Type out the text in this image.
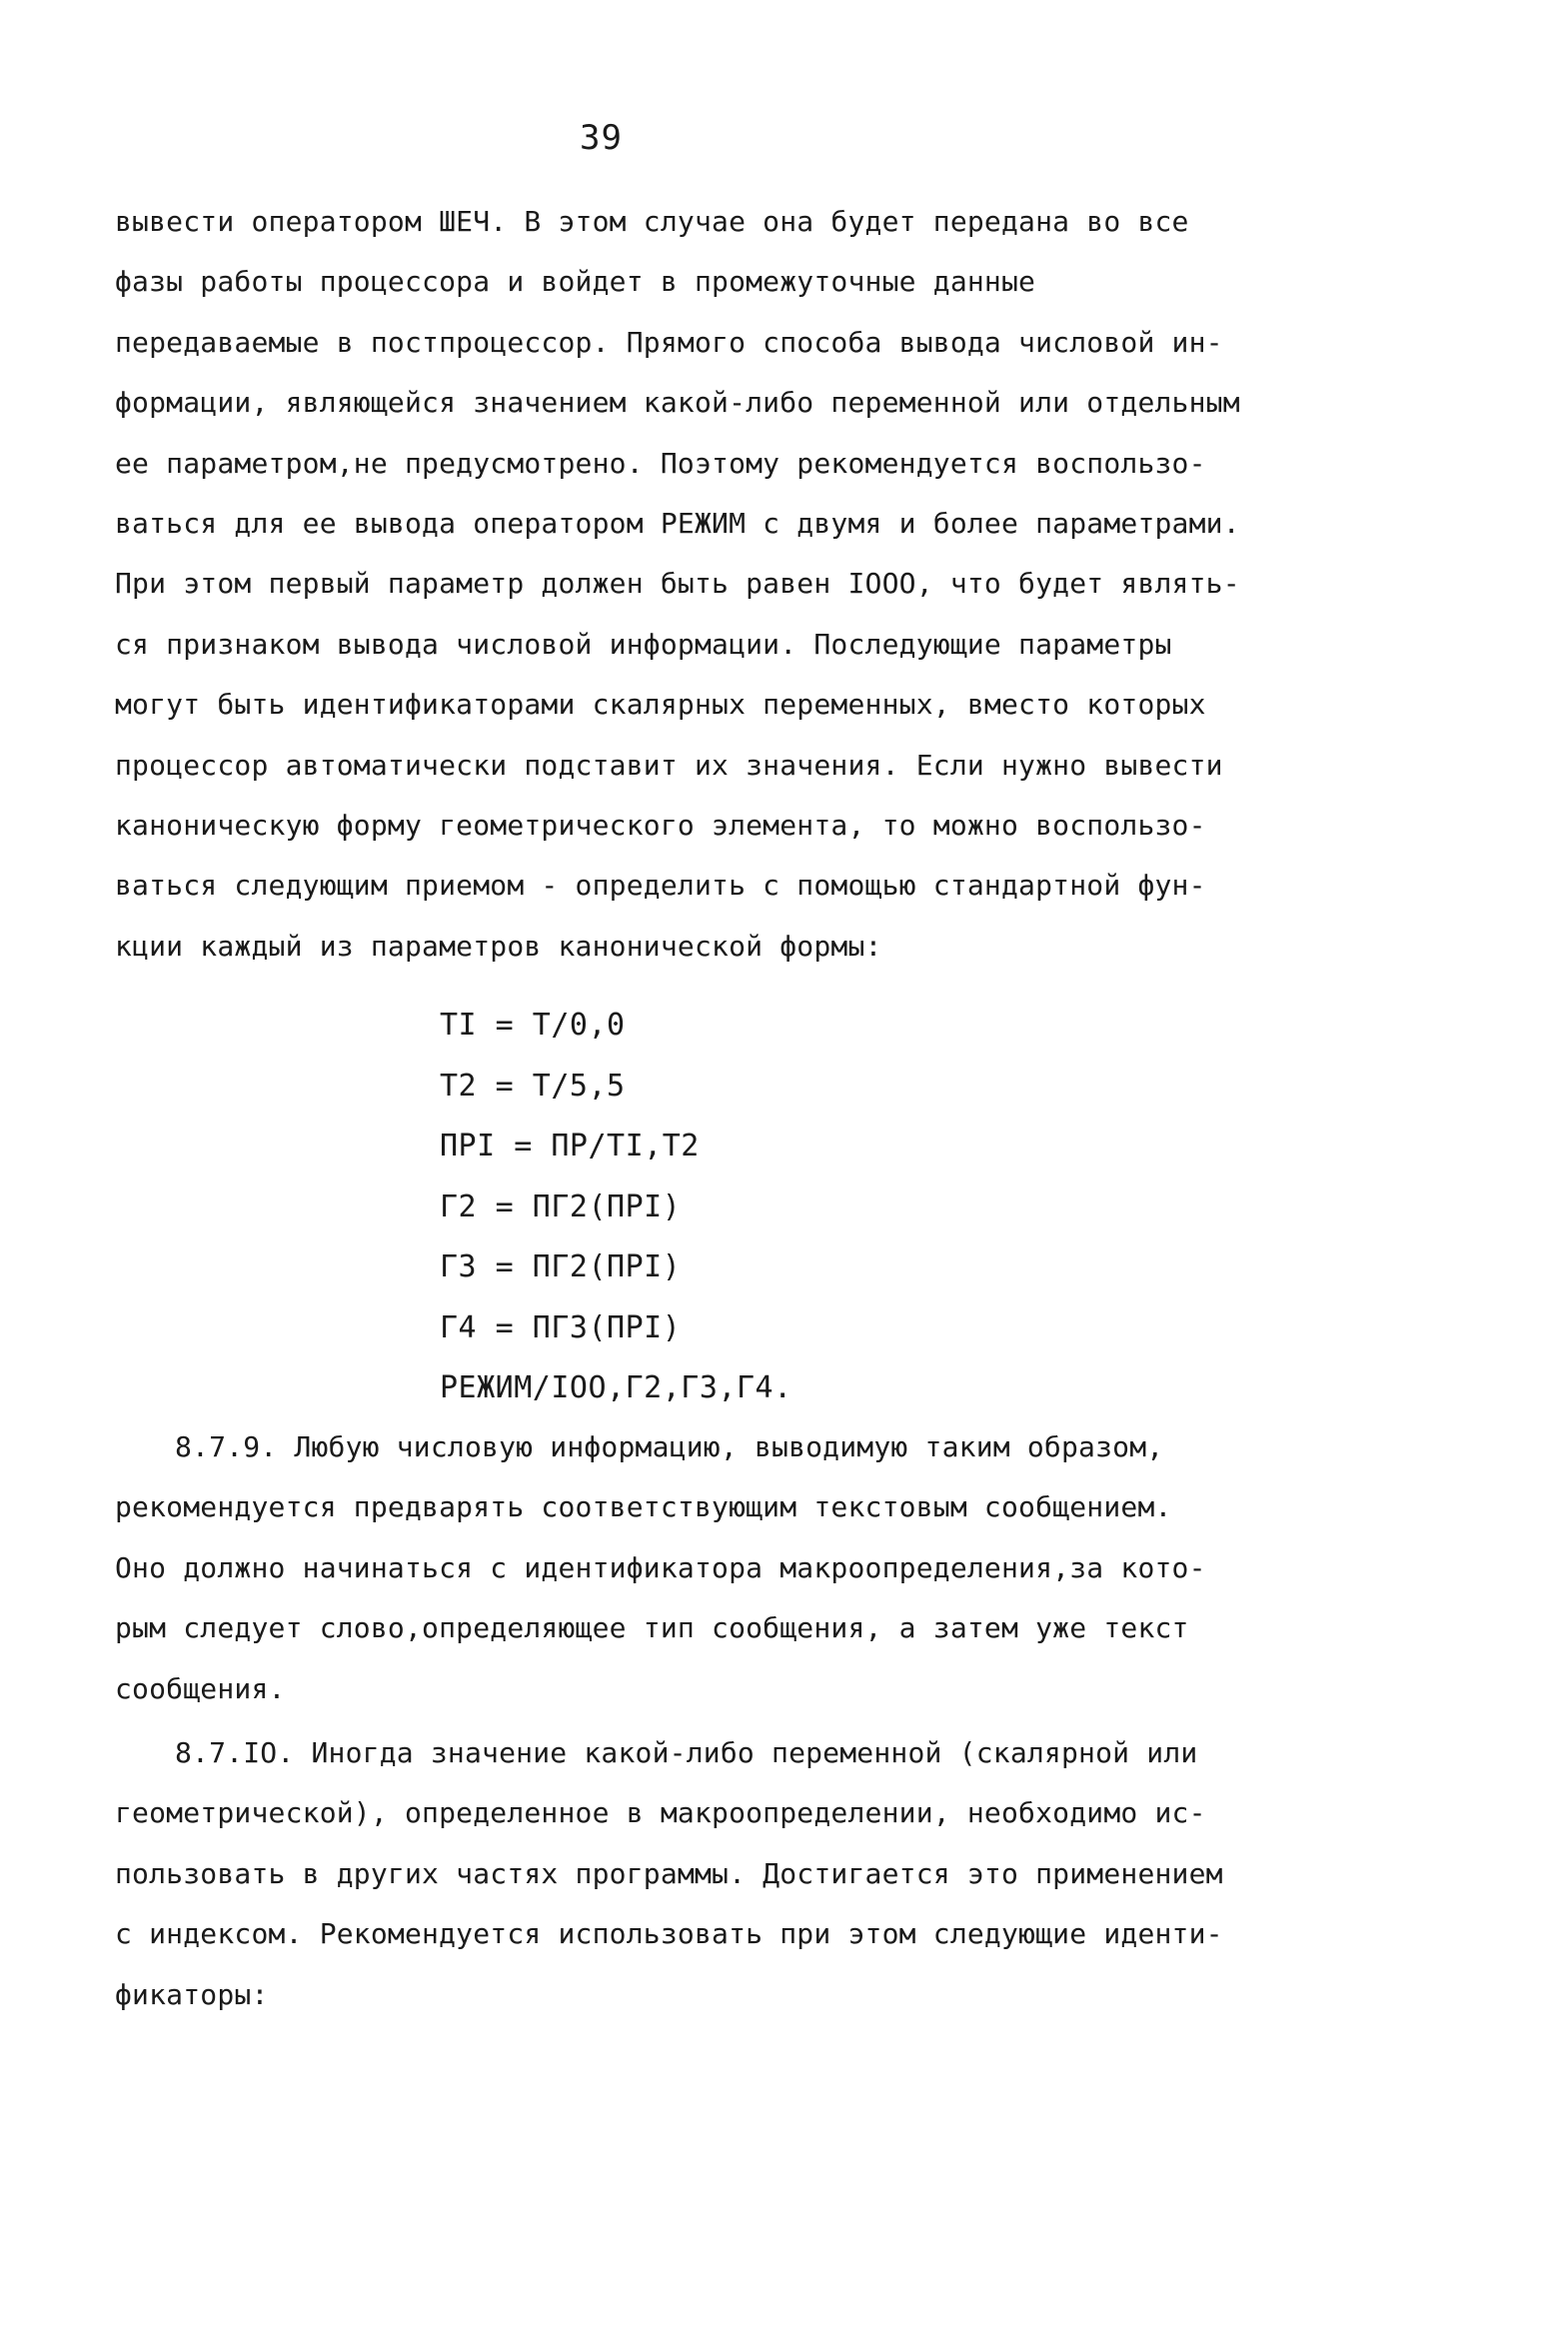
39
вывести оператором ШЕЧ. В этом случае она будет передана во все
фазы работы процессора и войдет в промежуточные данные
передаваемые в постпроцессор. Прямого способа вывода числовой ин-
формации, являющейся значением какой-либо переменной или отдельным
ее параметром,не предусмотрено. Поэтому рекомендуется воспользо-
ваться для ее вывода оператором РЕЖИМ с двумя и более параметрами.
При этом первый параметр должен быть равен IOOO, что будет являть-
ся признаком вывода числовой информации. Последующие параметры
могут быть идентификаторами скалярных переменных, вместо которых
процессор автоматически подставит их значения. Если нужно вывести
каноническую форму геометрического элемента, то можно воспользо-
ваться следующим приемом - определить с помощью стандартной фун-
кции каждый из параметров канонической формы:
TI = T/0,0
T2 = T/5,5
ПРI = ПР/TI,T2
Г2 = ПГ2(ПРI)
Г3 = ПГ2(ПРI)
Г4 = ПГ3(ПРI)
РЕЖИМ/IOO,Г2,Г3,Г4.
8.7.9. Любую числовую информацию, выводимую таким образом,
рекомендуется предварять соответствующим текстовым сообщением.
Оно должно начинаться с идентификатора макроопределения,за кото-
рым следует слово,определяющее тип сообщения, а затем уже текст
сообщения.
8.7.IO. Иногда значение какой-либо переменной (скалярной или
геометрической), определенное в макроопределении, необходимо ис-
пользовать в других частях программы. Достигается это применением
с индексом. Рекомендуется использовать при этом следующие иденти-
фикаторы:
